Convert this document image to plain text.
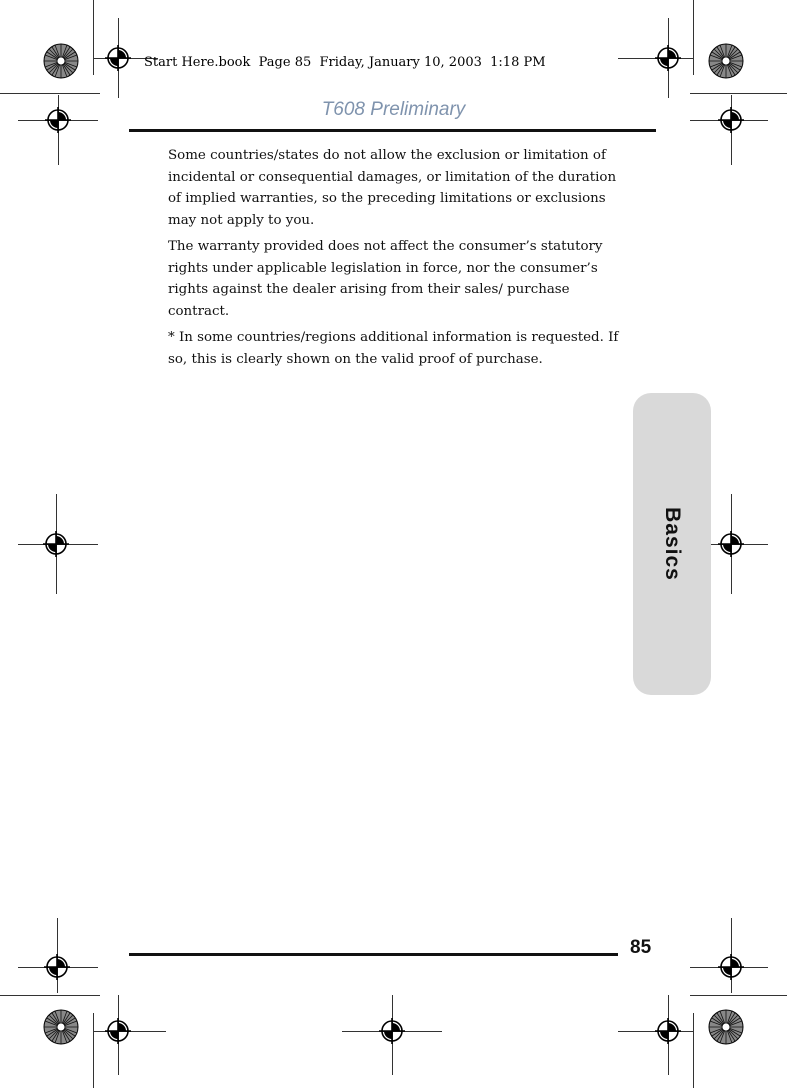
Start Here.book  Page 85  Friday, January 10, 2003  1:18 PM
T608 Preliminary

Some countries/states do not allow the exclusion or limitation of incidental or consequential damages, or limitation of the duration of implied warranties, so the preceding limitations or exclusions may not apply to you.

The warranty provided does not affect the consumer’s statutory rights under applicable legislation in force, nor the consumer’s rights against the dealer arising from their sales/ purchase contract.

* In some countries/regions additional information is requested. If so, this is clearly shown on the valid proof of purchase.

Basics
85
